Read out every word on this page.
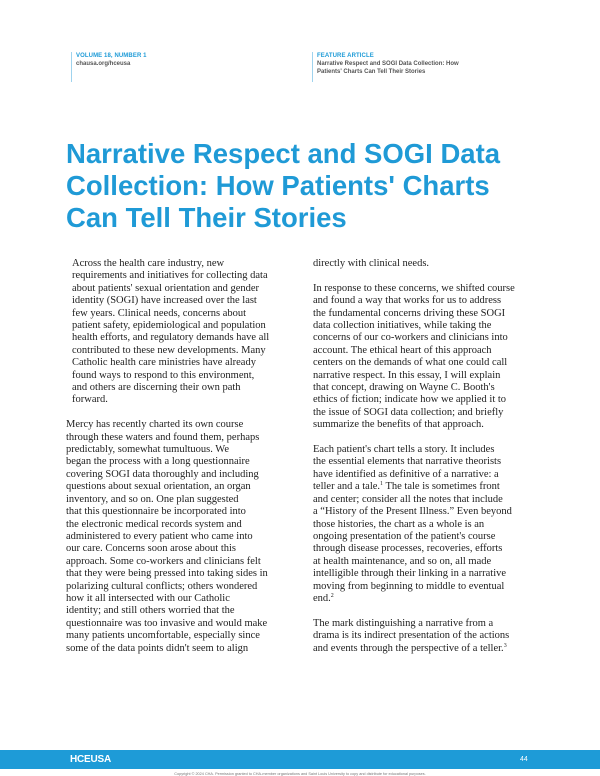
VOLUME 18, NUMBER 1
chausa.org/hceusa
FEATURE ARTICLE
Narrative Respect and SOGI Data Collection: How
Patients' Charts Can Tell Their Stories
Narrative Respect and SOGI Data
Collection: How Patients' Charts
Can Tell Their Stories

Across the health care industry, new
requirements and initiatives for collecting data
about patients' sexual orientation and gender
identity (SOGI) have increased over the last
few years. Clinical needs, concerns about
patient safety, epidemiological and population
health efforts, and regulatory demands have all
contributed to these new developments. Many
Catholic health care ministries have already
found ways to respond to this environment,
and others are discerning their own path
forward.

Mercy has recently charted its own course
through these waters and found them, perhaps
predictably, somewhat tumultuous. We
began the process with a long questionnaire
covering SOGI data thoroughly and including
questions about sexual orientation, an organ
inventory, and so on. One plan suggested
that this questionnaire be incorporated into
the electronic medical records system and
administered to every patient who came into
our care. Concerns soon arose about this
approach. Some co-workers and clinicians felt
that they were being pressed into taking sides in
polarizing cultural conflicts; others wondered
how it all intersected with our Catholic
identity; and still others worried that the
questionnaire was too invasive and would make
many patients uncomfortable, especially since
some of the data points didn't seem to align

directly with clinical needs.

In response to these concerns, we shifted course
and found a way that works for us to address
the fundamental concerns driving these SOGI
data collection initiatives, while taking the
concerns of our co-workers and clinicians into
account. The ethical heart of this approach
centers on the demands of what one could call
narrative respect. In this essay, I will explain
that concept, drawing on Wayne C. Booth's
ethics of fiction; indicate how we applied it to
the issue of SOGI data collection; and briefly
summarize the benefits of that approach.

Each patient's chart tells a story. It includes
the essential elements that narrative theorists
have identified as definitive of a narrative: a
teller and a tale.$^1$ The tale is sometimes front
and center; consider all the notes that include
a “History of the Present Illness.” Even beyond
those histories, the chart as a whole is an
ongoing presentation of the patient's course
through disease processes, recoveries, efforts
at health maintenance, and so on, all made
intelligible through their linking in a narrative
moving from beginning to middle to eventual
end.$^2$

The mark distinguishing a narrative from a
drama is its indirect presentation of the actions
and events through the perspective of a teller.$^3$

HCEUSA	44
Copyright © 2024 CHA. Permission granted to CHA-member organizations and Saint Louis University to copy and distribute for educational purposes.
